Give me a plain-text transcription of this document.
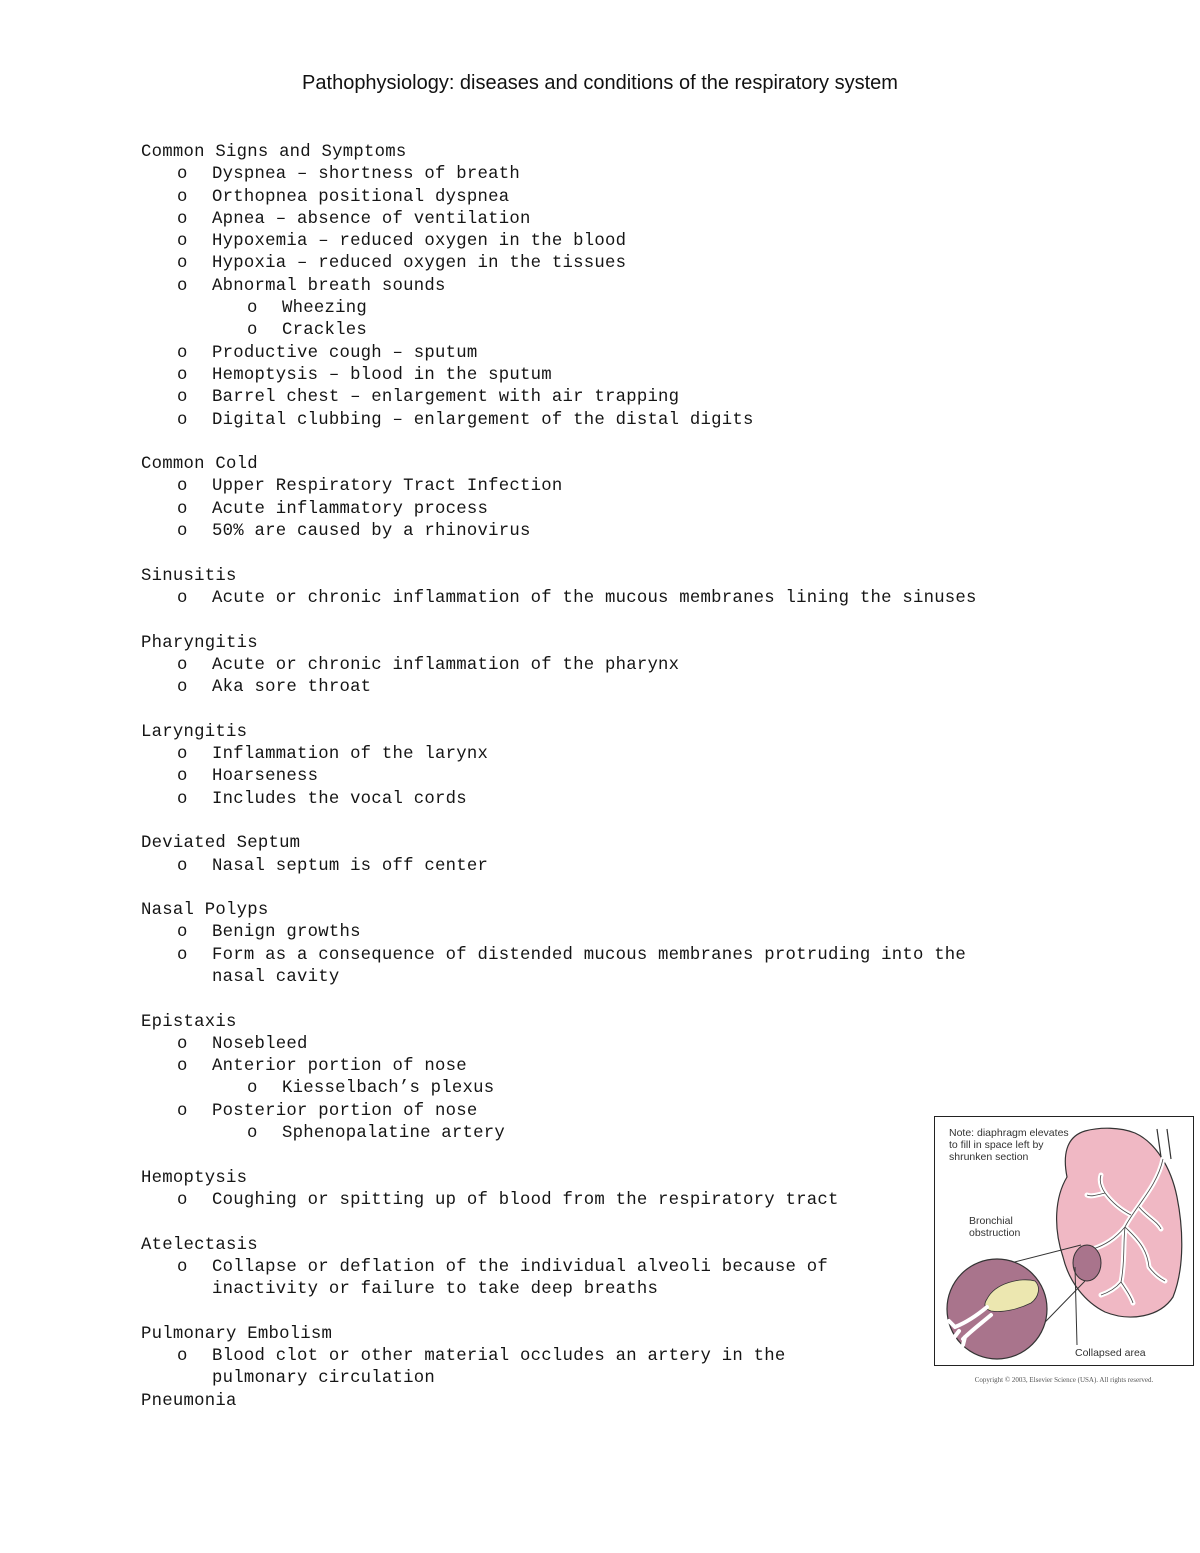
Pathophysiology: diseases and conditions of the respiratory system
Common Signs and Symptoms
o Dyspnea – shortness of breath
o Orthopnea positional dyspnea
o Apnea – absence of ventilation
o Hypoxemia – reduced oxygen in the blood
o Hypoxia – reduced oxygen in the tissues
o Abnormal breath sounds
o Wheezing
o Crackles
o Productive cough – sputum
o Hemoptysis – blood in the sputum
o Barrel chest – enlargement with air trapping
o Digital clubbing – enlargement of the distal digits
Common Cold
o Upper Respiratory Tract Infection
o Acute inflammatory process
o 50% are caused by a rhinovirus
Sinusitis
o Acute or chronic inflammation of the mucous membranes lining the sinuses
Pharyngitis
o Acute or chronic inflammation of the pharynx
o Aka sore throat
Laryngitis
o Inflammation of the larynx
o Hoarseness
o Includes the vocal cords
Deviated Septum
o Nasal septum is off center
Nasal Polyps
o Benign growths
o Form as a consequence of distended mucous membranes protruding into the
nasal cavity
Epistaxis
o Nosebleed
o Anterior portion of nose
o Kiesselbach’s plexus
o Posterior portion of nose
o Sphenopalatine artery
Hemoptysis
o Coughing or spitting up of blood from the respiratory tract
Atelectasis
o Collapse or deflation of the individual alveoli because of
inactivity or failure to take deep breaths
Pulmonary Embolism
o Blood clot or other material occludes an artery in the
pulmonary circulation
Pneumonia
Note: diaphragm elevates
to fill in space left by
shrunken section
Bronchial
obstruction
Collapsed area
Copyright © 2003, Elsevier Science (USA). All rights reserved.
